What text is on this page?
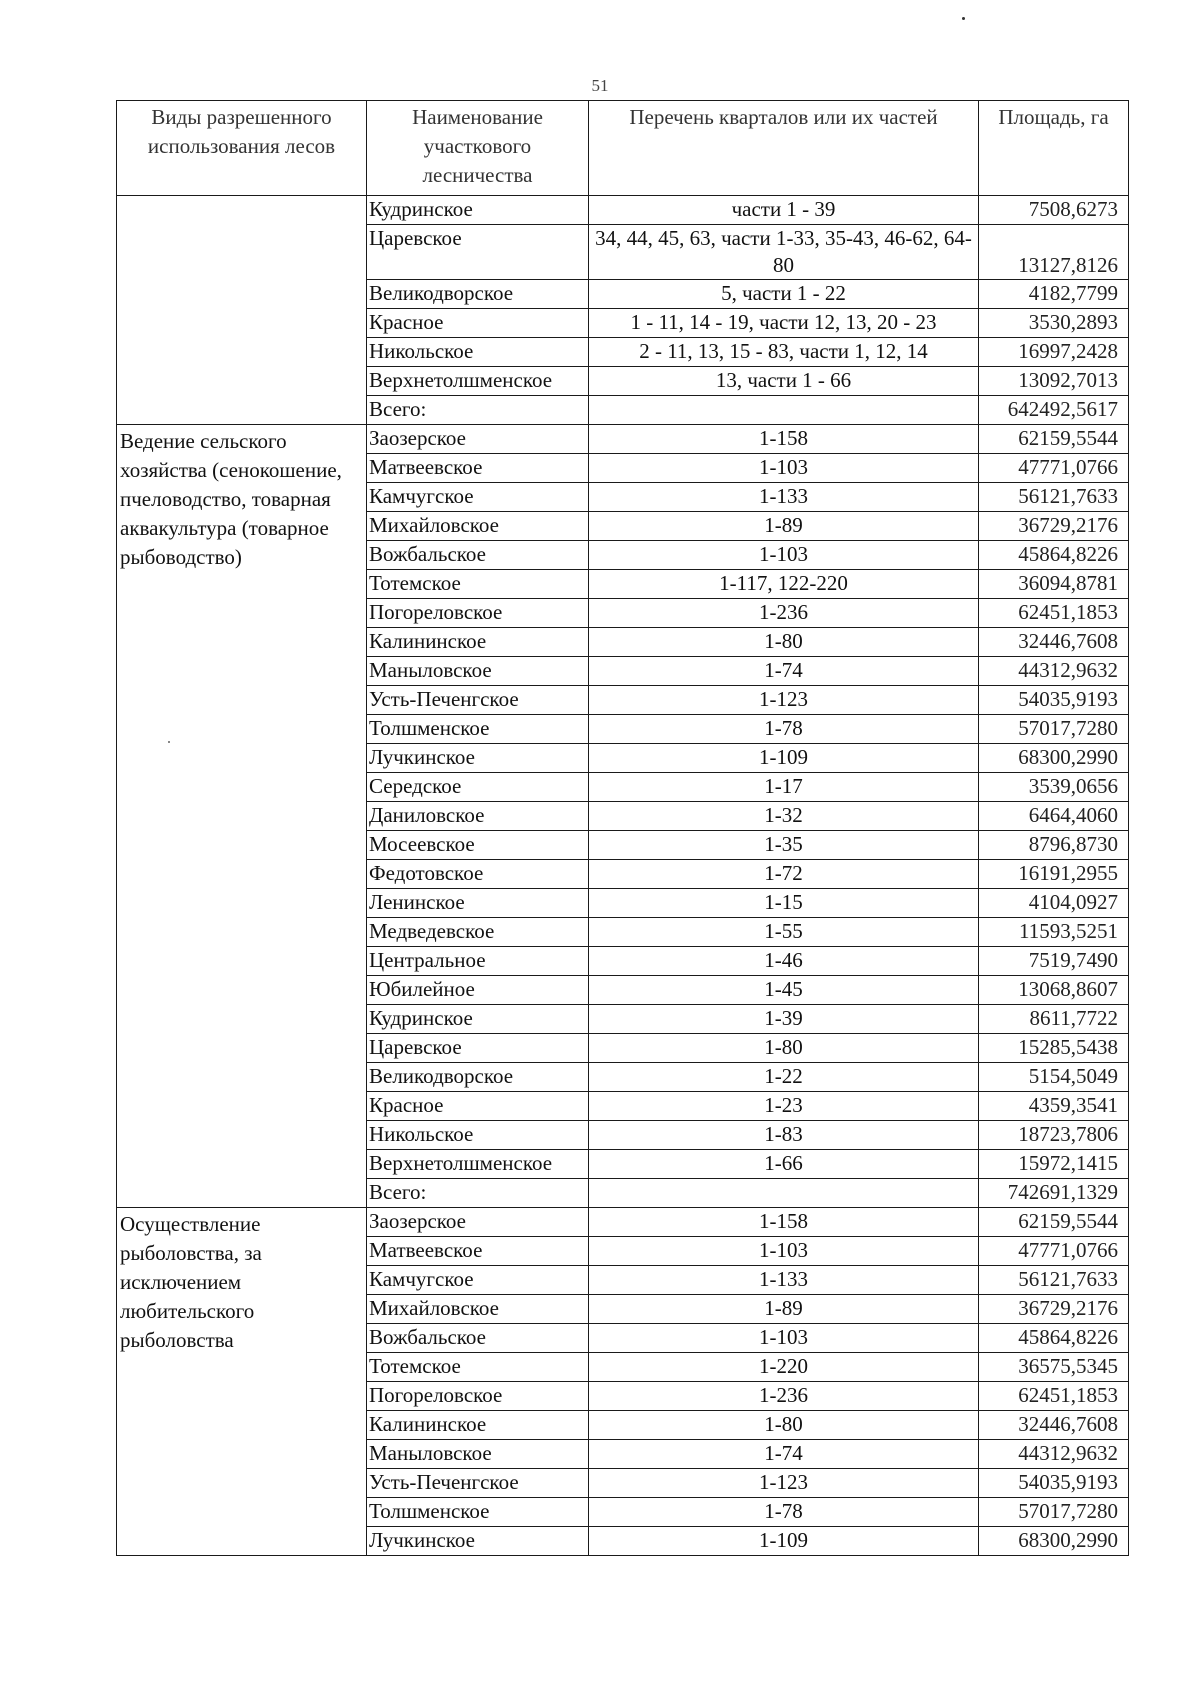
51
Виды разрешенного использования лесов	Наименование участкового лесничества	Перечень кварталов или их частей	Площадь, га
	Кудринское	части 1 - 39	7508,6273
	Царевское	34, 44, 45, 63, части 1-33, 35-43, 46-62, 64-80	13127,8126
	Великодворское	5, части 1 - 22	4182,7799
	Красное	1 - 11, 14 - 19, части 12, 13, 20 - 23	3530,2893
	Никольское	2 - 11, 13, 15 - 83, части 1, 12, 14	16997,2428
	Верхнетолшменское	13, части 1 - 66	13092,7013
	Всего:		642492,5617
Ведение сельского хозяйства (сенокошение, пчеловодство, товарная аквакультура (товарное рыбоводство)	Заозерское	1-158	62159,5544
	Матвеевское	1-103	47771,0766
	Камчугское	1-133	56121,7633
	Михайловское	1-89	36729,2176
	Вожбальское	1-103	45864,8226
	Тотемское	1-117, 122-220	36094,8781
	Погореловское	1-236	62451,1853
	Калининское	1-80	32446,7608
	Маныловское	1-74	44312,9632
	Усть-Печенгское	1-123	54035,9193
	Толшменское	1-78	57017,7280
	Лучкинское	1-109	68300,2990
	Середское	1-17	3539,0656
	Даниловское	1-32	6464,4060
	Мосеевское	1-35	8796,8730
	Федотовское	1-72	16191,2955
	Ленинское	1-15	4104,0927
	Медведевское	1-55	11593,5251
	Центральное	1-46	7519,7490
	Юбилейное	1-45	13068,8607
	Кудринское	1-39	8611,7722
	Царевское	1-80	15285,5438
	Великодворское	1-22	5154,5049
	Красное	1-23	4359,3541
	Никольское	1-83	18723,7806
	Верхнетолшменское	1-66	15972,1415
	Всего:		742691,1329
Осуществление рыболовства, за исключением любительского рыболовства	Заозерское	1-158	62159,5544
	Матвеевское	1-103	47771,0766
	Камчугское	1-133	56121,7633
	Михайловское	1-89	36729,2176
	Вожбальское	1-103	45864,8226
	Тотемское	1-220	36575,5345
	Погореловское	1-236	62451,1853
	Калининское	1-80	32446,7608
	Маныловское	1-74	44312,9632
	Усть-Печенгское	1-123	54035,9193
	Толшменское	1-78	57017,7280
	Лучкинское	1-109	68300,2990
